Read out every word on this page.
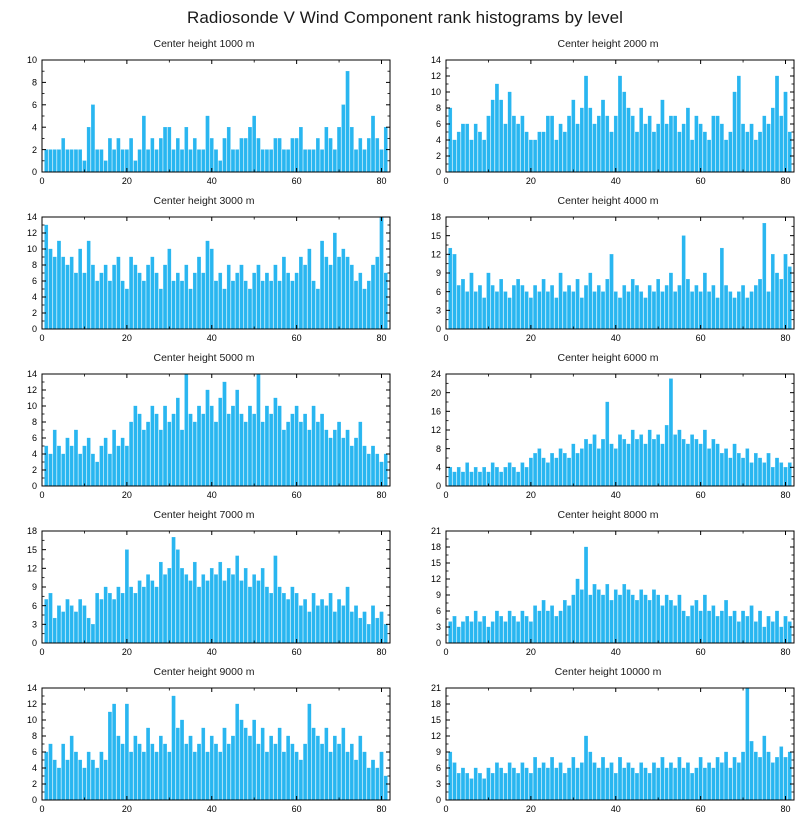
Radiosonde V Wind Component rank histograms by level
Center height 1000 m
0
2
4
6
8
10
0	20	40	60	80
Center height 2000 m
0
2
4
6
8
10
12
14
0	20	40	60	80
Center height 3000 m
0
2
4
6
8
10
12
14
0	20	40	60	80
Center height 4000 m
0
3
6
9
12
15
18
0	20	40	60	80
Center height 5000 m
0
2
4
6
8
10
12
14
0	20	40	60	80
Center height 6000 m
0
4
8
12
16
20
24
0	20	40	60	80
Center height 7000 m
0
3
6
9
12
15
18
0	20	40	60	80
Center height 8000 m
0
3
6
9
12
15
18
21
0	20	40	60	80
Center height 9000 m
0
2
4
6
8
10
12
14
0	20	40	60	80
Center height 10000 m
0
3
6
9
12
15
18
21
0	20	40	60	80
